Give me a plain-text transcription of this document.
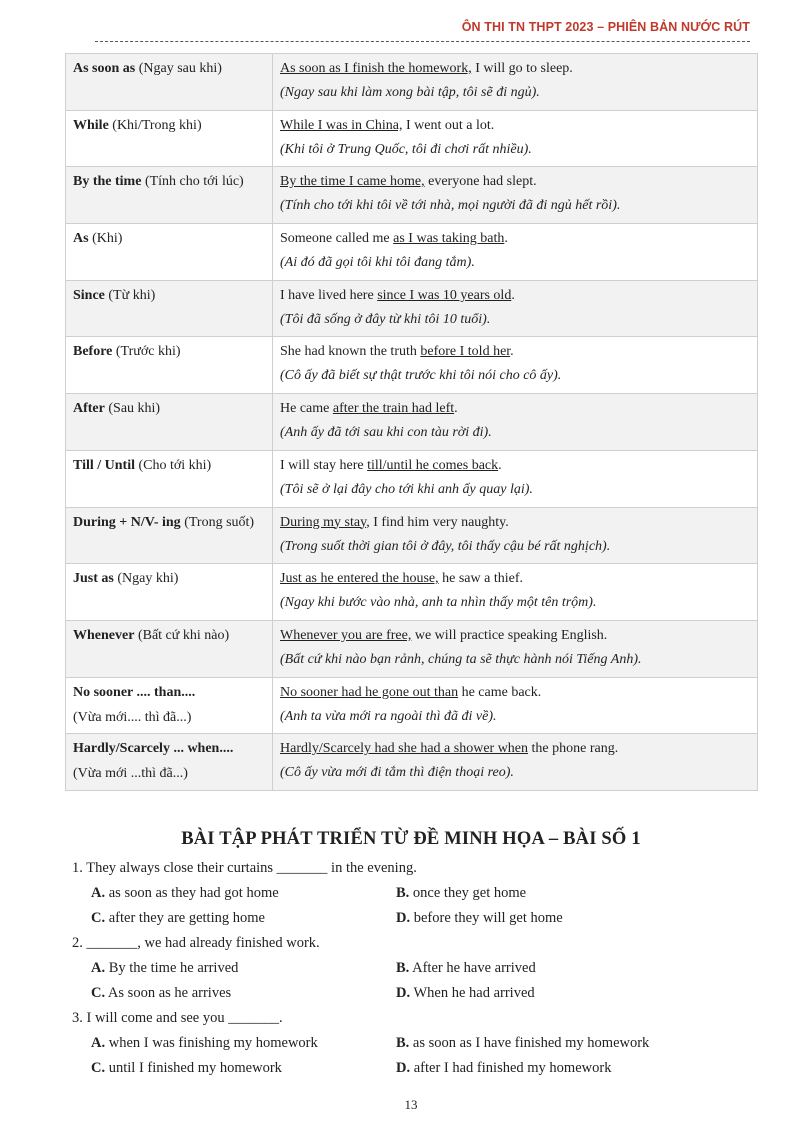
ÔN THI TN THPT 2023 – PHIÊN BẢN NƯỚC RÚT
As soon as (Ngay sau khi)	As soon as I finish the homework, I will go to sleep.
(Ngay sau khi làm xong bài tập, tôi sẽ đi ngủ).

While (Khi/Trong khi)	While I was in China, I went out a lot.
(Khi tôi ở Trung Quốc, tôi đi chơi rất nhiều).

By the time (Tính cho tới lúc)	By the time I came home, everyone had slept.
(Tính cho tới khi tôi về tới nhà, mọi người đã đi ngủ hết rồi).

As (Khi)	Someone called me as I was taking bath.
(Ai đó đã gọi tôi khi tôi đang tắm).

Since (Từ khi)	I have lived here since I was 10 years old.
(Tôi đã sống ở đây từ khi tôi 10 tuổi).

Before (Trước khi)	She had known the truth before I told her.
(Cô ấy đã biết sự thật trước khi tôi nói cho cô ấy).

After (Sau khi)	He came after the train had left.
(Anh ấy đã tới sau khi con tàu rời đi).

Till / Until (Cho tới khi)	I will stay here till/until he comes back.
(Tôi sẽ ở lại đây cho tới khi anh ấy quay lại).

During + N/V- ing (Trong suốt)	During my stay, I find him very naughty.
(Trong suốt thời gian tôi ở đây, tôi thấy cậu bé rất nghịch).

Just as (Ngay khi)	Just as he entered the house, he saw a thief.
(Ngay khi bước vào nhà, anh ta nhìn thấy một tên trộm).

Whenever (Bất cứ khi nào)	Whenever you are free, we will practice speaking English.
(Bất cứ khi nào bạn rảnh, chúng ta sẽ thực hành nói Tiếng Anh).

No sooner .... than....
(Vừa mới.... thì đã...)	No sooner had he gone out than he came back.
(Anh ta vừa mới ra ngoài thì đã đi về).

Hardly/Scarcely ... when....
(Vừa mới ...thì đã...)	Hardly/Scarcely had she had a shower when the phone rang.
(Cô ấy vừa mới đi tắm thì điện thoại reo).
BÀI TẬP PHÁT TRIỂN TỪ ĐỀ MINH HỌA – BÀI SỐ 1
1. They always close their curtains _______ in the evening.
A. as soon as they had got home	B. once they get home
C. after they are getting home	D. before they will get home
2. _______, we had already finished work.
A. By the time he arrived	B. After he have arrived
C. As soon as he arrives	D. When he had arrived
3. I will come and see you _______.
A. when I was finishing my homework	B. as soon as I have finished my homework
C. until I finished my homework	D. after I had finished my homework
13
